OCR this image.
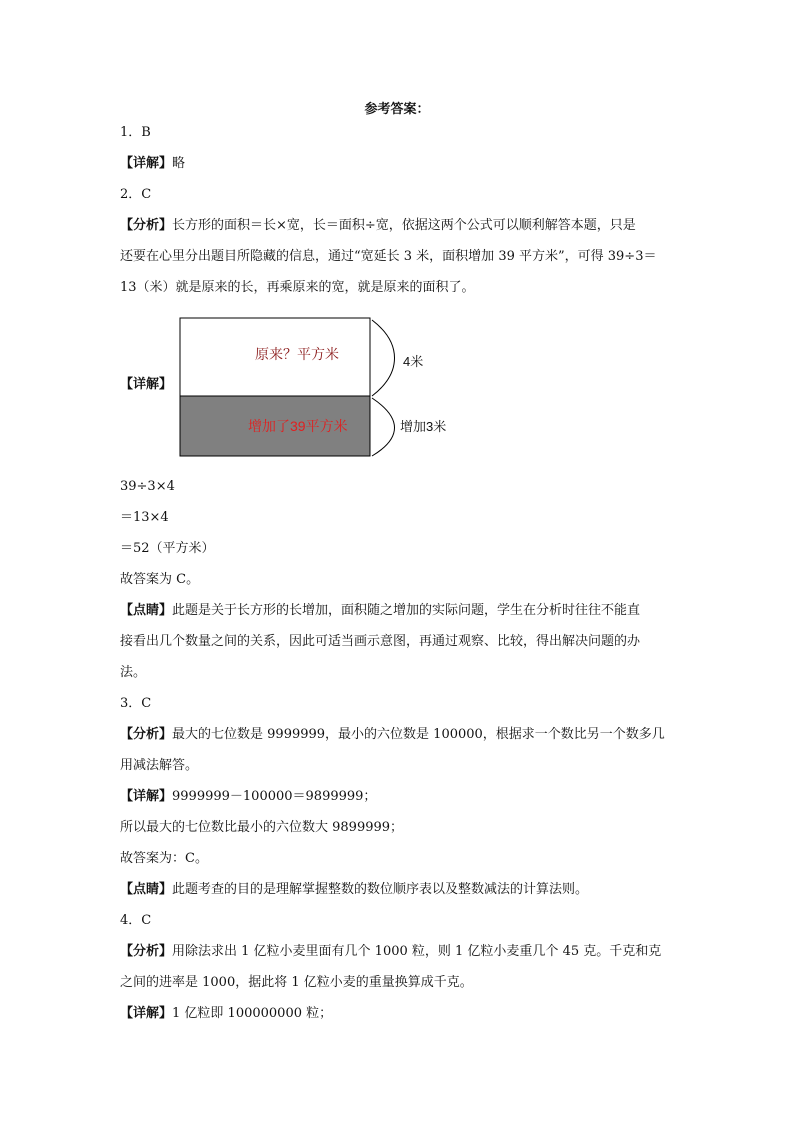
参考答案：
1．B
【详解】略
2．C
【分析】长方形的面积＝长×宽，长＝面积÷宽，依据这两个公式可以顺利解答本题，只是
还要在心里分出题目所隐藏的信息，通过“宽延长 3 米，面积增加 39 平方米”，可得 39÷3＝
13（米）就是原来的长，再乘原来的宽，就是原来的面积了。
【详解】
原来？平方米
增加了39平方米
4米
增加3米
39÷3×4
＝13×4
＝52（平方米）
故答案为 C。
【点睛】此题是关于长方形的长增加，面积随之增加的实际问题，学生在分析时往往不能直
接看出几个数量之间的关系，因此可适当画示意图，再通过观察、比较，得出解决问题的办
法。
3．C
【分析】最大的七位数是 9999999，最小的六位数是 100000，根据求一个数比另一个数多几
用减法解答。
【详解】9999999－100000＝9899999；
所以最大的七位数比最小的六位数大 9899999；
故答案为：C。
【点睛】此题考查的目的是理解掌握整数的数位顺序表以及整数减法的计算法则。
4．C
【分析】用除法求出 1 亿粒小麦里面有几个 1000 粒，则 1 亿粒小麦重几个 45 克。千克和克
之间的进率是 1000，据此将 1 亿粒小麦的重量换算成千克。
【详解】1 亿粒即 100000000 粒；
